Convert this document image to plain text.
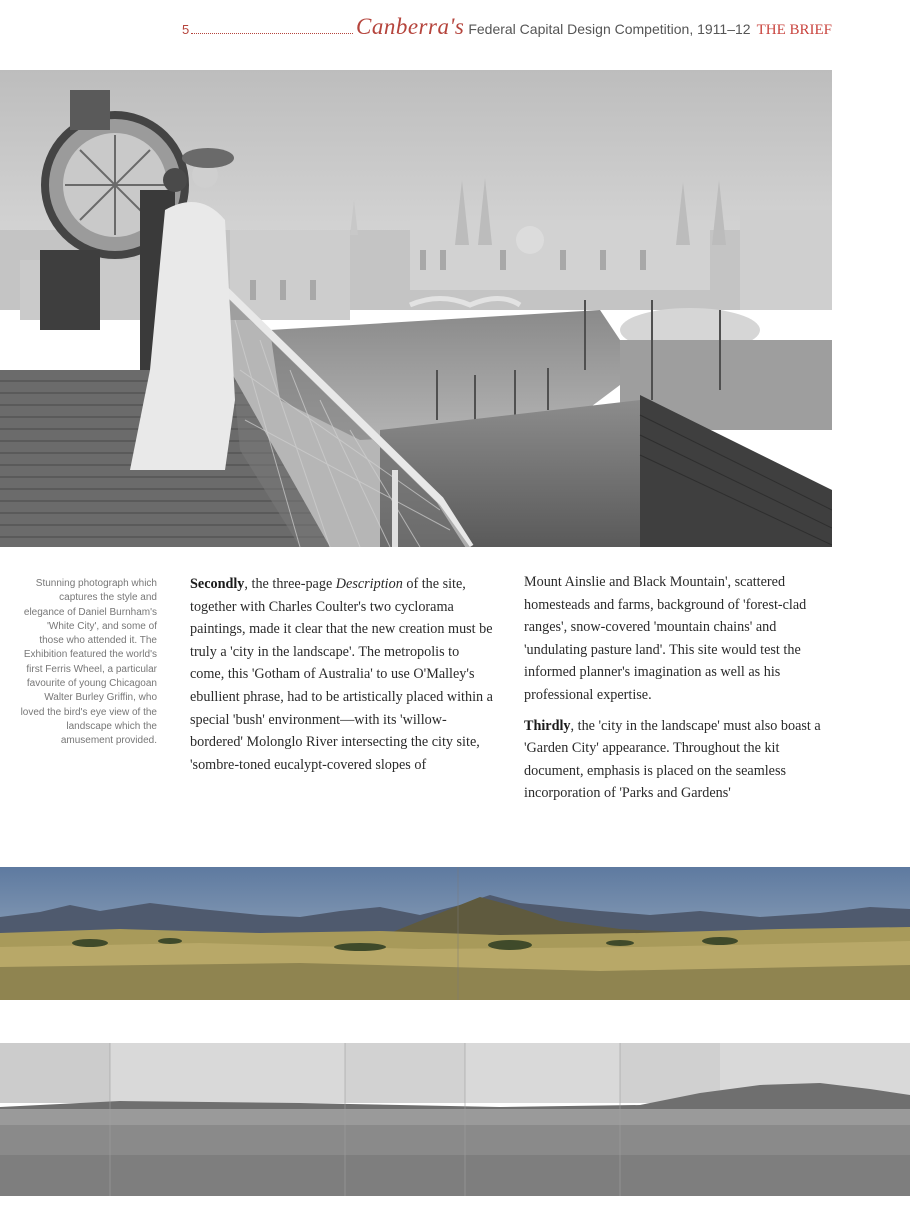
5	Canberra's Federal Capital Design Competition, 1911–12 THE BRIEF
Stunning photograph which captures the style and elegance of Daniel Burnham's 'White City', and some of those who attended it. The Exhibition featured the world's first Ferris Wheel, a particular favourite of young Chicagoan Walter Burley Griffin, who loved the bird's eye view of the landscape which the amusement provided.

Secondly, the three-page Description of the site, together with Charles Coulter's two cyclorama paintings, made it clear that the new creation must be truly a 'city in the landscape'. The metropolis to come, this 'Gotham of Australia' to use O'Malley's ebullient phrase, had to be artistically placed within a special 'bush' environment—with its 'willow-bordered' Molonglo River intersecting the city site, 'sombre-toned eucalypt-covered slopes of

Mount Ainslie and Black Mountain', scattered homesteads and farms, background of 'forest-clad ranges', snow-covered 'mountain chains' and 'undulating pasture land'. This site would test the informed planner's imagination as well as his professional expertise.

Thirdly, the 'city in the landscape' must also boast a 'Garden City' appearance. Throughout the kit document, emphasis is placed on the seamless incorporation of 'Parks and Gardens'
